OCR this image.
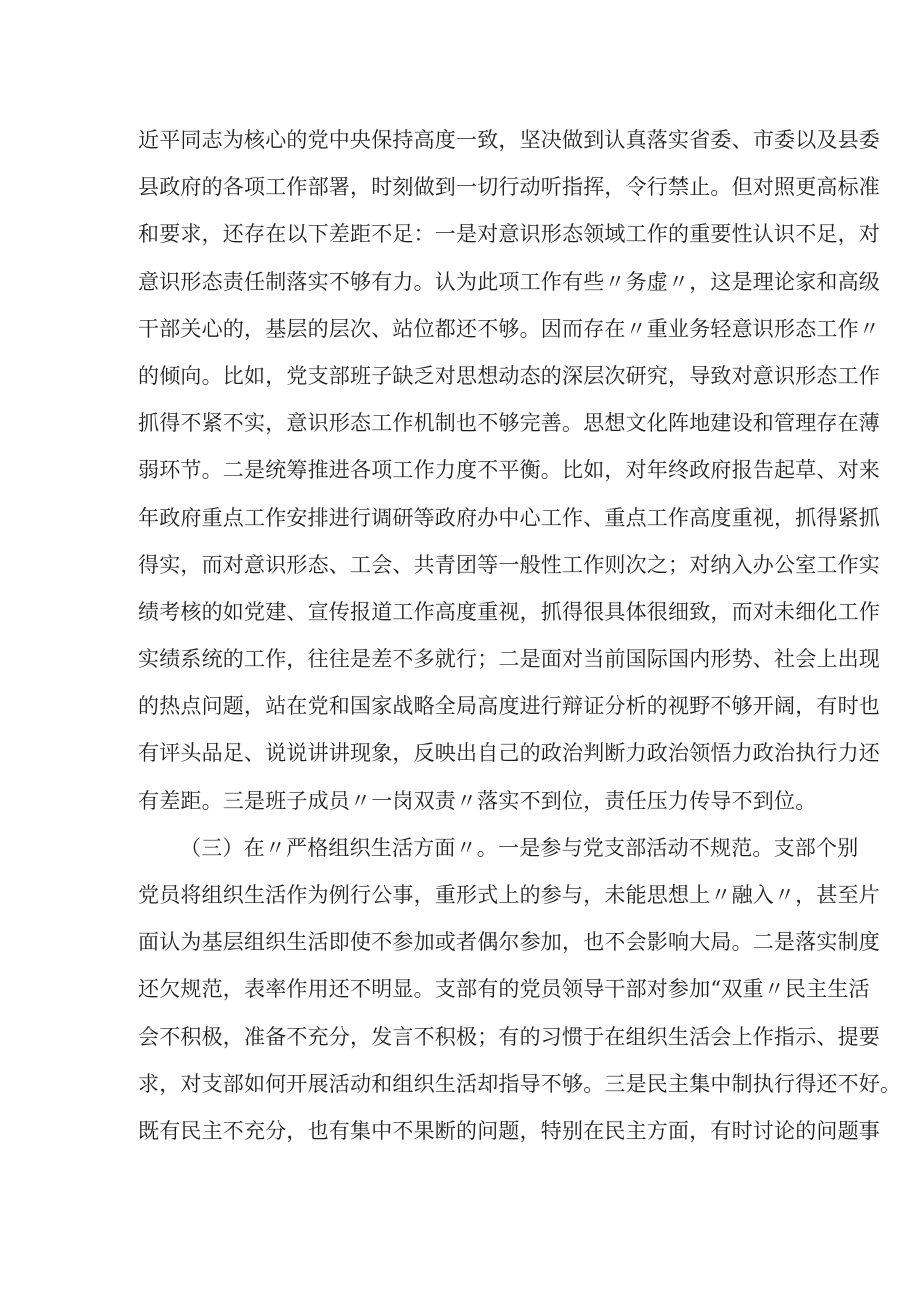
近平同志为核心的党中央保持高度一致，坚决做到认真落实省委、市委以及县委
县政府的各项工作部署，时刻做到一切行动听指挥，令行禁止。但对照更高标准
和要求，还存在以下差距不足：一是对意识形态领域工作的重要性认识不足，对
意识形态责任制落实不够有力。认为此项工作有些〃务虚〃，这是理论家和高级
干部关心的，基层的层次、站位都还不够。因而存在〃重业务轻意识形态工作〃
的倾向。比如，党支部班子缺乏对思想动态的深层次研究，导致对意识形态工作
抓得不紧不实，意识形态工作机制也不够完善。思想文化阵地建设和管理存在薄
弱环节。二是统筹推进各项工作力度不平衡。比如，对年终政府报告起草、对来
年政府重点工作安排进行调研等政府办中心工作、重点工作高度重视，抓得紧抓
得实，而对意识形态、工会、共青团等一般性工作则次之；对纳入办公室工作实
绩考核的如党建、宣传报道工作高度重视，抓得很具体很细致，而对未细化工作
实绩系统的工作，往往是差不多就行；二是面对当前国际国内形势、社会上出现
的热点问题，站在党和国家战略全局高度进行辩证分析的视野不够开阔，有时也
有评头品足、说说讲讲现象，反映出自己的政治判断力政治领悟力政治执行力还
有差距。三是班子成员〃一岗双责〃落实不到位，责任压力传导不到位。
（三）在〃严格组织生活方面〃。一是参与党支部活动不规范。支部个别
党员将组织生活作为例行公事，重形式上的参与，未能思想上〃融入〃，甚至片
面认为基层组织生活即使不参加或者偶尔参加，也不会影响大局。二是落实制度
还欠规范，表率作用还不明显。支部有的党员领导干部对参加“双重〃民主生活
会不积极，准备不充分，发言不积极；有的习惯于在组织生活会上作指示、提要
求，对支部如何开展活动和组织生活却指导不够。三是民主集中制执行得还不好。
既有民主不充分，也有集中不果断的问题，特别在民主方面，有时讨论的问题事
